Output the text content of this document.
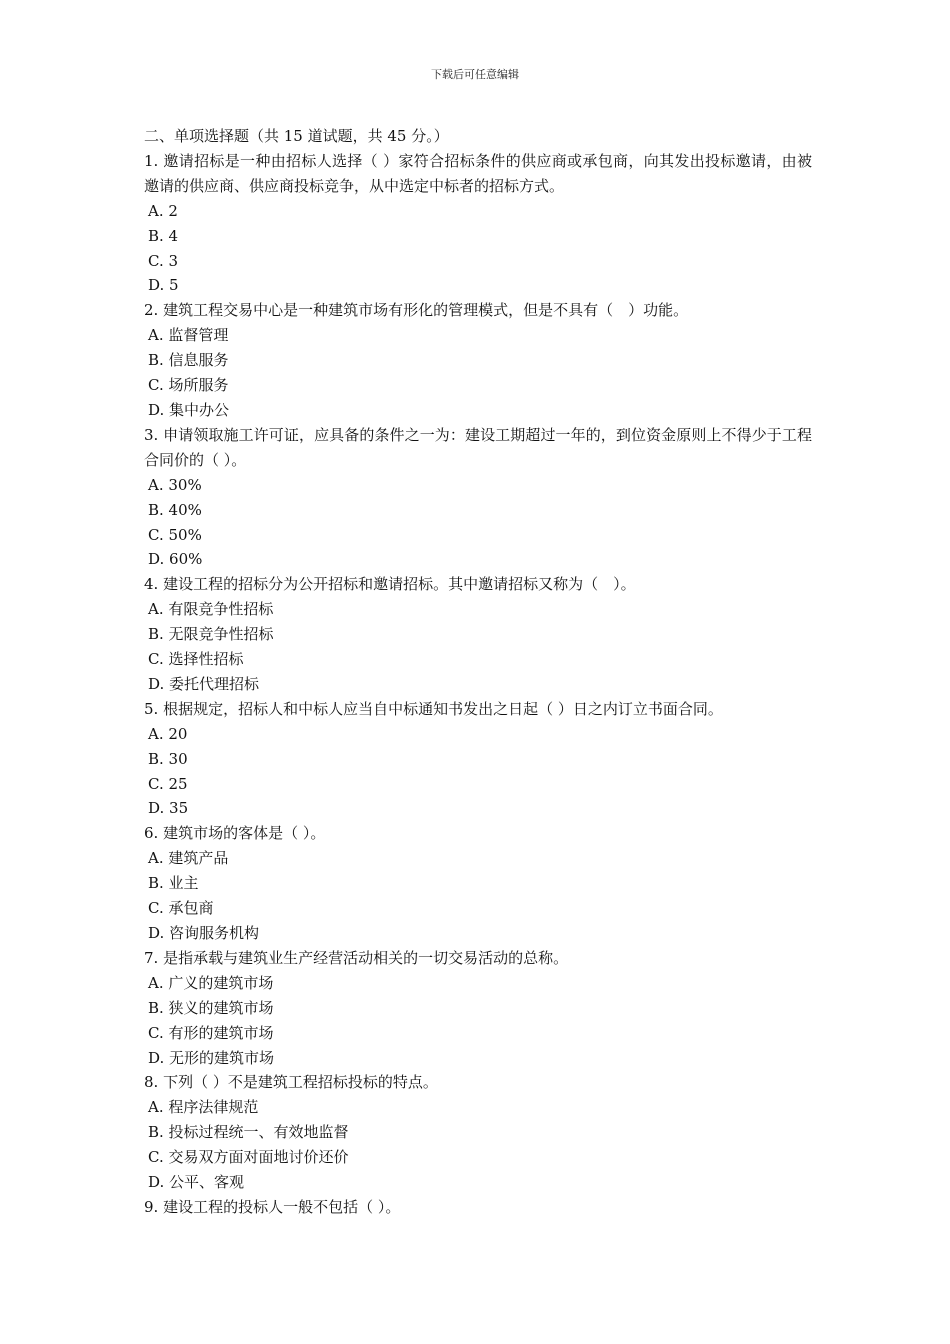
下载后可任意编辑

二、单项选择题（共 15 道试题，共 45 分。）

1. 邀请招标是一种由招标人选择（ ）家符合招标条件的供应商或承包商，向其发出投标邀请，由被邀请的供应商、供应商投标竞争，从中选定中标者的招标方式。

A. 2

B. 4

C. 3

D. 5

2. 建筑工程交易中心是一种建筑市场有形化的管理模式，但是不具有（　）功能。

A. 监督管理

B. 信息服务

C. 场所服务

D. 集中办公

3. 申请领取施工许可证，应具备的条件之一为：建设工期超过一年的，到位资金原则上不得少于工程合同价的（ ）。

A. 30%

B. 40%

C. 50%

D. 60%

4. 建设工程的招标分为公开招标和邀请招标。其中邀请招标又称为（　）。

A. 有限竞争性招标

B. 无限竞争性招标

C. 选择性招标

D. 委托代理招标

5. 根据规定，招标人和中标人应当自中标通知书发出之日起（ ）日之内订立书面合同。

A. 20

B. 30

C. 25

D. 35

6. 建筑市场的客体是（ ）。

A. 建筑产品

B. 业主

C. 承包商

D. 咨询服务机构

7. 是指承载与建筑业生产经营活动相关的一切交易活动的总称。

A. 广义的建筑市场

B. 狭义的建筑市场

C. 有形的建筑市场

D. 无形的建筑市场

8. 下列（ ）不是建筑工程招标投标的特点。

A. 程序法律规范

B. 投标过程统一、有效地监督

C. 交易双方面对面地讨价还价

D. 公平、客观

9. 建设工程的投标人一般不包括（ ）。
